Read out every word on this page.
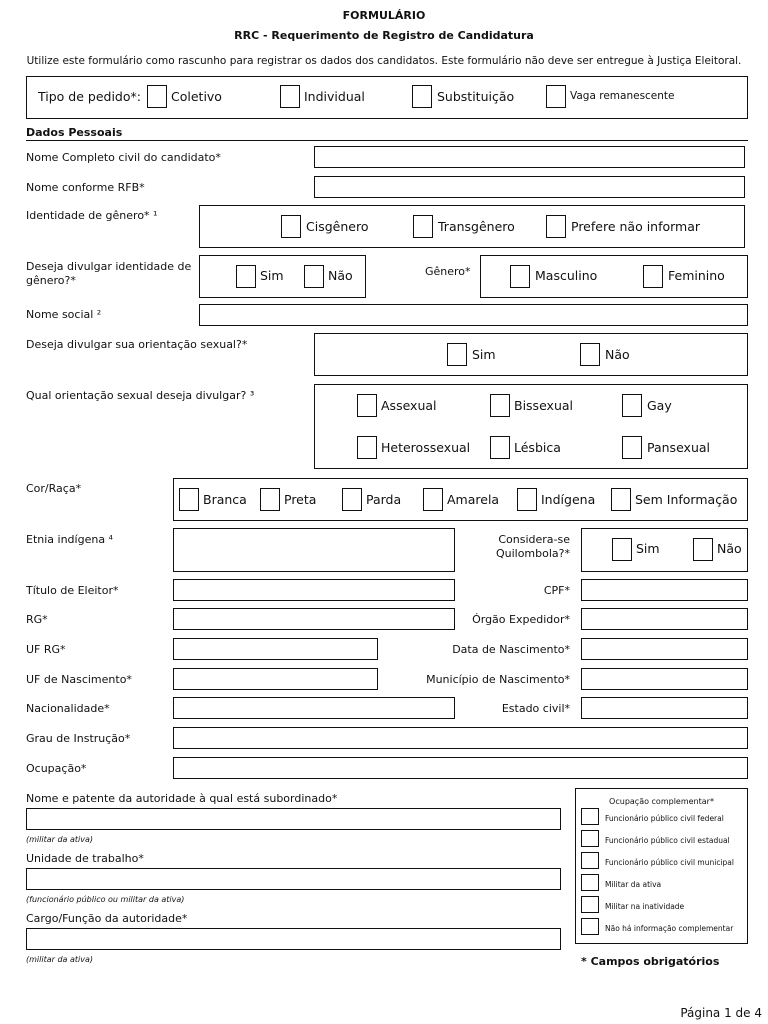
FORMULÁRIO
RRC - Requerimento de Registro de Candidatura
Utilize este formulário como rascunho para registrar os dados dos candidatos. Este formulário não deve ser entregue à Justiça Eleitoral.
Tipo de pedido*: Coletivo	Individual	Substituição	Vaga remanescente
Dados Pessoais
Nome Completo civil do candidato*
Nome conforme RFB*
Identidade de gênero* ¹
Cisgênero	Transgênero	Prefere não informar
Deseja divulgar identidade de
gênero?*	Sim	Não	Gênero*	Masculino	Feminino
Nome social ²
Deseja divulgar sua orientação sexual?*
Sim	Não
Qual orientação sexual deseja divulgar? ³
Assexual	Bissexual	Gay
Heterossexual	Lésbica	Pansexual
Cor/Raça*
Branca	Preta	Parda	Amarela	Indígena	Sem Informação
Etnia indígena ⁴	Considera-se
Quilombola?*	Sim	Não
Título de Eleitor*	CPF*
RG*	Órgão Expedidor*
UF RG*	Data de Nascimento*
UF de Nascimento*	Município de Nascimento*
Nacionalidade*	Estado civil*
Grau de Instrução*
Ocupação*
Nome e patente da autoridade à qual está subordinado*
(militar da ativa)
Unidade de trabalho*
(funcionário público ou militar da ativa)
Cargo/Função da autoridade*
(militar da ativa)
Ocupação complementar*
Funcionário público civil federal
Funcionário público civil estadual
Funcionário público civil municipal
Militar da ativa
Militar na inatividade
Não há informação complementar
* Campos obrigatórios
Página 1 de 4
